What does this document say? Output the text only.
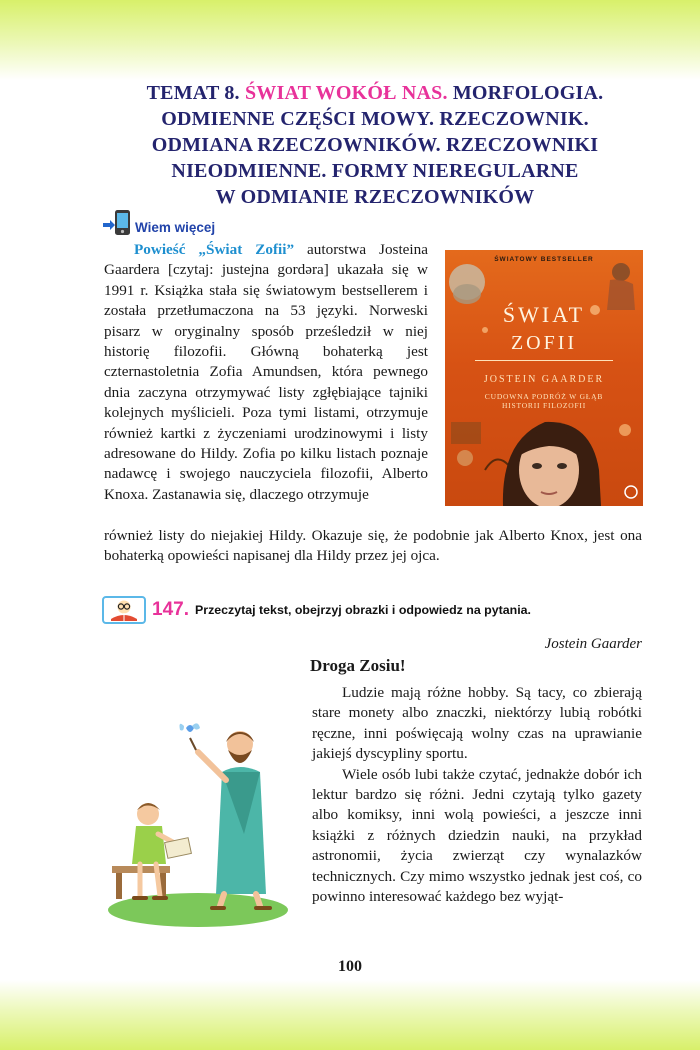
TEMAT 8. ŚWIAT WOKÓŁ NAS. MORFOLOGIA.
ODMIENNE CZĘŚCI MOWY. RZECZOWNIK.
ODMIANA RZECZOWNIKÓW. RZECZOWNIKI
NIEODMIENNE. FORMY NIEREGULARNE
W ODMIANIE RZECZOWNIKÓW
Wiem więcej

Powieść „Świat Zofii” autorstwa Josteina Gaardera [czytaj: justejna gordəra] ukazała się w 1991 r. Książka stała się światowym bestsellerem i została przetłumaczona na 53 języki. Norweski pisarz w oryginalny sposób prześledził w niej historię filozofii. Główną bohaterką jest czternastoletnia Zofia Amundsen, która pewnego dnia zaczyna otrzymywać listy zgłębiające tajniki kolejnych myślicieli. Poza tymi listami, otrzymuje również kartki z życzeniami urodzinowymi i listy adresowane do Hildy. Zofia po kilku listach poznaje nadawcę i swojego nauczyciela filozofii, Alberto Knoxa. Zastanawia się, dlaczego otrzymuje

również listy do niejakiej Hildy. Okazuje się, że podobnie jak Alberto Knox, jest ona bohaterką opowieści napisanej dla Hildy przez jej ojca.
ŚWIATOWY BESTSELLER
ŚWIAT
ZOFII
JOSTEIN GAARDER
CUDOWNA PODRÓŻ W GŁĄB
HISTORII FILOZOFII
147. Przeczytaj tekst, obejrzyj obrazki i odpowiedz na pytania.
Jostein Gaarder
Droga Zosiu!

Ludzie mają różne hobby. Są tacy, co zbierają stare monety albo znaczki, niektórzy lubią robótki ręczne, inni poświęcają wolny czas na uprawianie jakiejś dyscypliny sportu.

Wiele osób lubi także czytać, jednakże dobór ich lektur bardzo się różni. Jedni czytają tylko gazety albo komiksy, inni wolą powieści, a jeszcze inni książki z różnych dziedzin nauki, na przykład astronomii, życia zwierząt czy wynalazków technicznych. Czy mimo wszystko jednak jest coś, co powinno interesować każdego bez wyjąt-

100
